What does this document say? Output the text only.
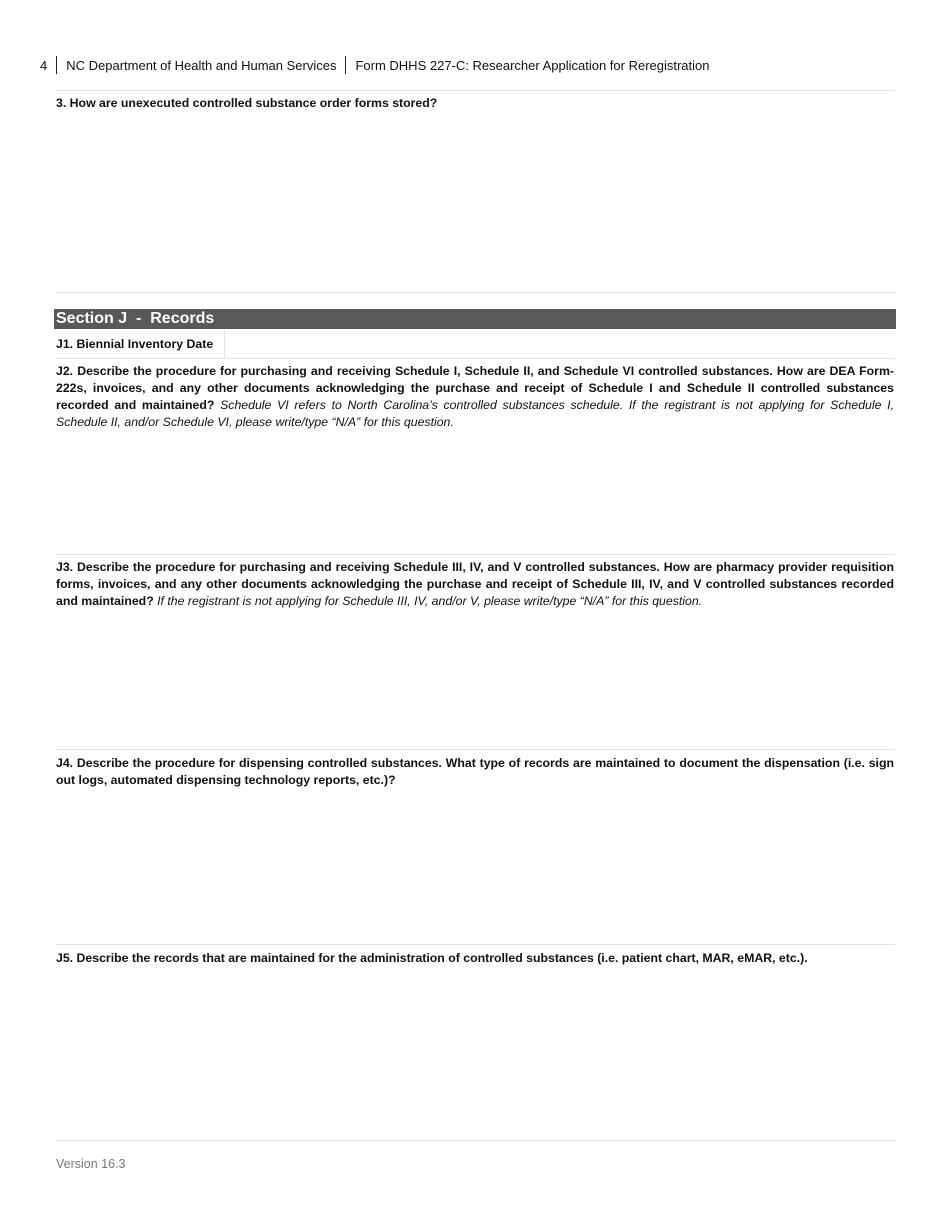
4 NC Department of Health and Human Services Form DHHS 227-C: Researcher Application for Reregistration
3. How are unexecuted controlled substance order forms stored?
Section J  -  Records
J1. Biennial Inventory Date
J2. Describe the procedure for purchasing and receiving Schedule I, Schedule II, and Schedule VI controlled substances. How are DEA Form-222s, invoices, and any other documents acknowledging the purchase and receipt of Schedule I and Schedule II controlled substances recorded and maintained? Schedule VI refers to North Carolina’s controlled substances schedule. If the registrant is not applying for Schedule I, Schedule II, and/or Schedule VI, please write/type “N/A” for this question.
J3. Describe the procedure for purchasing and receiving Schedule III, IV, and V controlled substances. How are pharmacy provider requisition forms, invoices, and any other documents acknowledging the purchase and receipt of Schedule III, IV, and V controlled substances recorded and maintained? If the registrant is not applying for Schedule III, IV, and/or V, please write/type “N/A” for this question.
J4. Describe the procedure for dispensing controlled substances. What type of records are maintained to document the dispensation (i.e. sign out logs, automated dispensing technology reports, etc.)?
J5. Describe the records that are maintained for the administration of controlled substances (i.e. patient chart, MAR, eMAR, etc.).
Version 16.3
